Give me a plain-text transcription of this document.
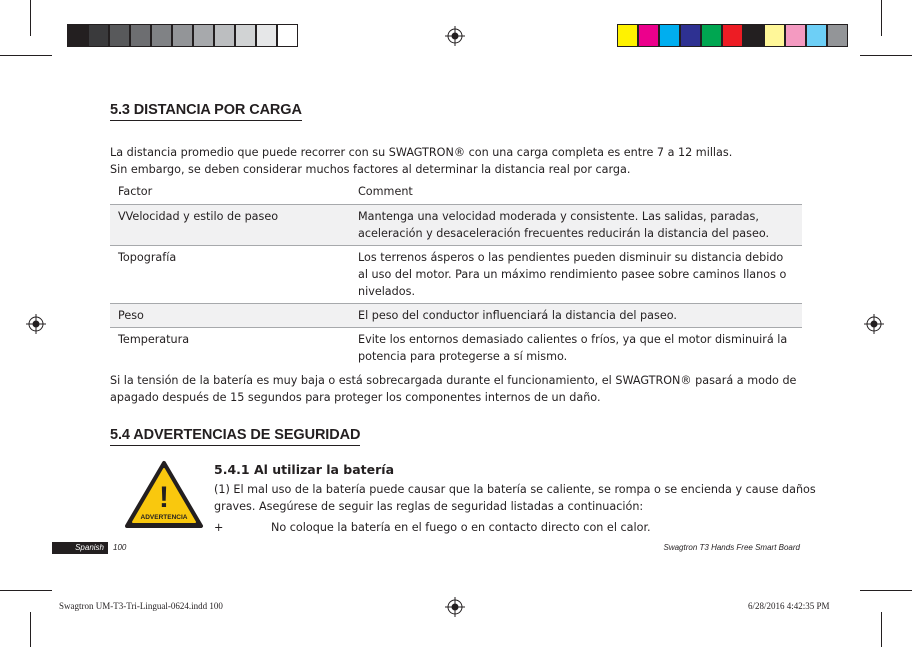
5.3 DISTANCIA POR CARGA
La distancia promedio que puede recorrer con su SWAGTRON® con una carga completa es entre 7 a 12 millas.
Sin embargo, se deben considerar muchos factores al determinar la distancia real por carga.
Factor	Comment
VVelocidad y estilo de paseo	Mantenga una velocidad moderada y consistente. Las salidas, paradas, aceleración y desaceleración frecuentes reducirán la distancia del paseo.
Topografía	Los terrenos ásperos o las pendientes pueden disminuir su distancia debido al uso del motor. Para un máximo rendimiento pasee sobre caminos llanos o nivelados.
Peso	El peso del conductor influenciará la distancia del paseo.
Temperatura	Evite los entornos demasiado calientes o fríos, ya que el motor disminuirá la potencia para protegerse a sí mismo.
Si la tensión de la batería es muy baja o está sobrecargada durante el funcionamiento, el SWAGTRON® pasará a modo de
apagado después de 15 segundos para proteger los componentes internos de un daño.
5.4 ADVERTENCIAS DE SEGURIDAD
!
ADVERTENCIA
5.4.1 Al utilizar la batería
(1) El mal uso de la batería puede causar que la batería se caliente, se rompa o se encienda y cause daños
graves. Asegúrese de seguir las reglas de seguridad listadas a continuación:
+	No coloque la batería en el fuego o en contacto directo con el calor.
Spanish	100	Swagtron T3 Hands Free Smart Board
Swagtron UM-T3-Tri-Lingual-0624.indd 100	6/28/2016 4:42:35 PM
